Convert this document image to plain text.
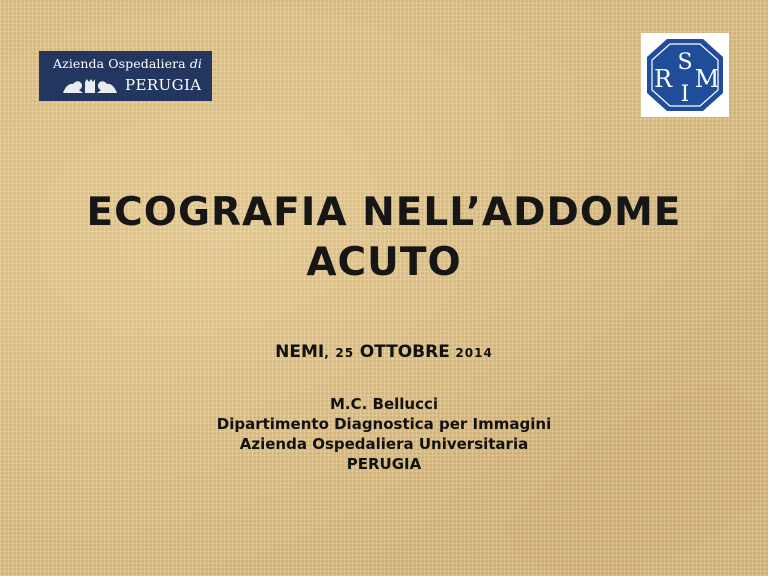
Azienda Ospedaliera di
PERUGIA	R
S
I
M
ECOGRAFIA NELL’ADDOME
ACUTO
NEMI, 25 OTTOBRE 2014
M.C. Bellucci
Dipartimento Diagnostica per Immagini
Azienda Ospedaliera Universitaria
PERUGIA
